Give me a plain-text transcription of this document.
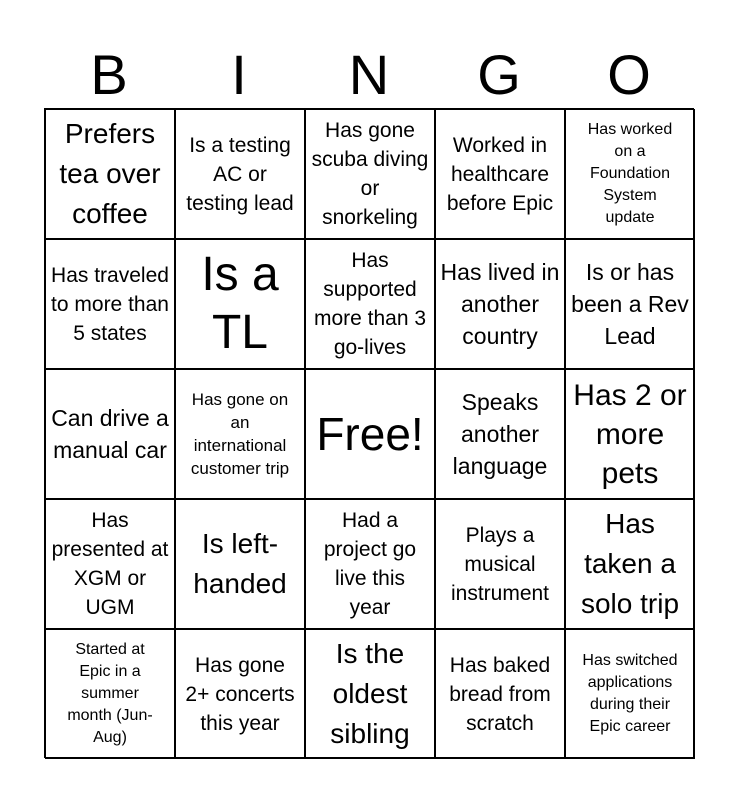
B	I	N	G	O
Prefers tea over coffee
Is a testing AC or testing lead
Has gone scuba diving or snorkeling
Worked in healthcare before Epic
Has worked on a Foundation System update
Has traveled to more than 5 states
Is a TL
Has supported more than 3 go-lives
Has lived in another country
Is or has been a Rev Lead
Can drive a manual car
Has gone on an international customer trip
Free!
Speaks another language
Has 2 or more pets
Has presented at XGM or UGM
Is left-handed
Had a project go live this year
Plays a musical instrument
Has taken a solo trip
Started at Epic in a summer month (Jun-Aug)
Has gone 2+ concerts this year
Is the oldest sibling
Has baked bread from scratch
Has switched applications during their Epic career
